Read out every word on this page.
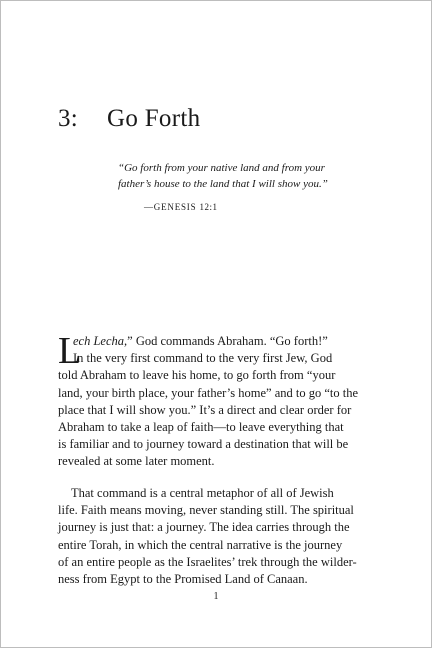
3: Go Forth
“Go forth from your native land and from your
father’s house to the land that I will show you.”
—GENESIS 12:1
L
ech Lecha,” God commands Abraham. “Go forth!”
In the very first command to the very first Jew, God
told Abraham to leave his home, to go forth from “your
land, your birth place, your father’s home” and to go “to the
place that I will show you.” It’s a direct and clear order for
Abraham to take a leap of faith—to leave everything that
is familiar and to journey toward a destination that will be
revealed at some later moment.
That command is a central metaphor of all of Jewish
life. Faith means moving, never standing still. The spiritual
journey is just that: a journey. The idea carries through the
entire Torah, in which the central narrative is the journey
of an entire people as the Israelites’ trek through the wilder-
ness from Egypt to the Promised Land of Canaan.
1
